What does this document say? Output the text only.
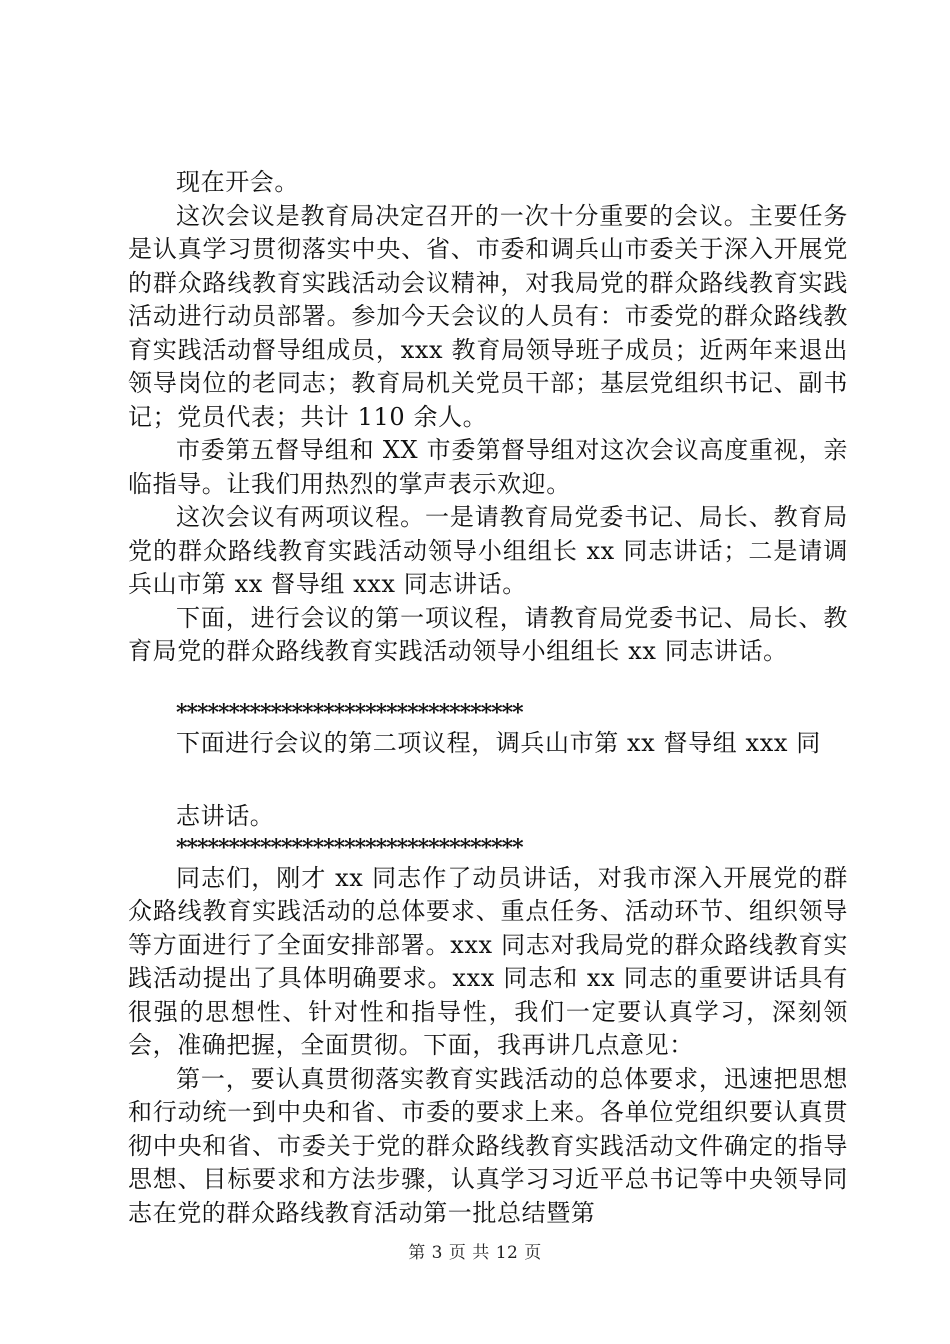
现在开会。

这次会议是教育局决定召开的一次十分重要的会议。主要任务是认真学习贯彻落实中央、省、市委和调兵山市委关于深入开展党的群众路线教育实践活动会议精神，对我局党的群众路线教育实践活动进行动员部署。参加今天会议的人员有：市委党的群众路线教育实践活动督导组成员，xxx 教育局领导班子成员；近两年来退出领导岗位的老同志；教育局机关党员干部；基层党组织书记、副书记；党员代表；共计 110 余人。

市委第五督导组和 XX 市委第督导组对这次会议高度重视，亲临指导。让我们用热烈的掌声表示欢迎。

这次会议有两项议程。一是请教育局党委书记、局长、教育局党的群众路线教育实践活动领导小组组长 xx 同志讲话；二是请调兵山市第 xx 督导组 xxx 同志讲话。

下面，进行会议的第一项议程，请教育局党委书记、局长、教育局党的群众路线教育实践活动领导小组组长 xx 同志讲话。

*********************************

下面进行会议的第二项议程，调兵山市第 xx 督导组 xxx 同

志讲话。

*********************************

同志们，刚才 xx 同志作了动员讲话，对我市深入开展党的群众路线教育实践活动的总体要求、重点任务、活动环节、组织领导等方面进行了全面安排部署。xxx 同志对我局党的群众路线教育实践活动提出了具体明确要求。xxx 同志和 xx 同志的重要讲话具有很强的思想性、针对性和指导性，我们一定要认真学习，深刻领会，准确把握，全面贯彻。下面，我再讲几点意见：

第一，要认真贯彻落实教育实践活动的总体要求，迅速把思想和行动统一到中央和省、市委的要求上来。各单位党组织要认真贯彻中央和省、市委关于党的群众路线教育实践活动文件确定的指导思想、目标要求和方法步骤，认真学习习近平总书记等中央领导同志在党的群众路线教育活动第一批总结暨第

第 3 页 共 12 页
